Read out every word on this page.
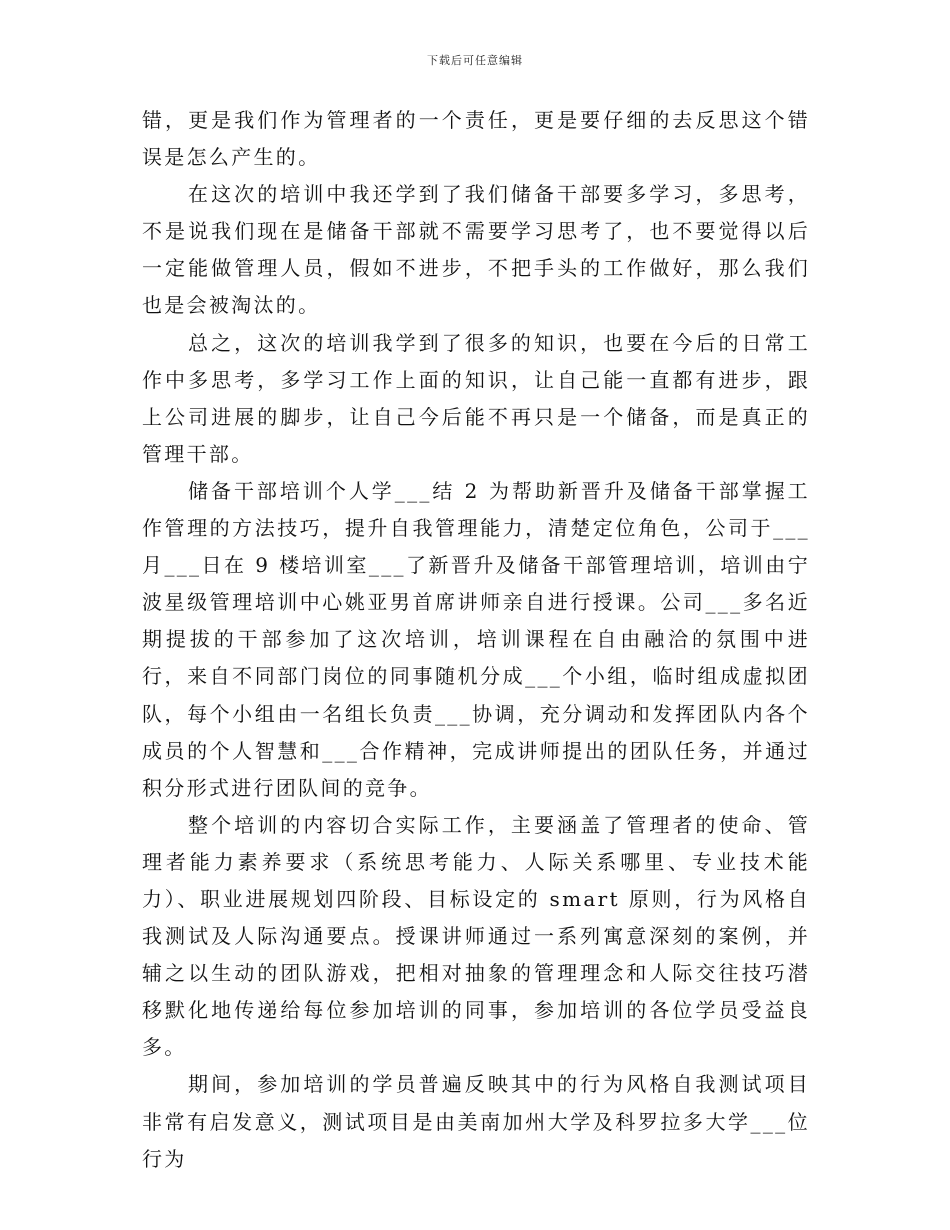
下载后可任意编辑

错，更是我们作为管理者的一个责任，更是要仔细的去反思这个错误是怎么产生的。

在这次的培训中我还学到了我们储备干部要多学习，多思考，不是说我们现在是储备干部就不需要学习思考了，也不要觉得以后一定能做管理人员，假如不进步，不把手头的工作做好，那么我们也是会被淘汰的。

总之，这次的培训我学到了很多的知识，也要在今后的日常工作中多思考，多学习工作上面的知识，让自己能一直都有进步，跟上公司进展的脚步，让自己今后能不再只是一个储备，而是真正的管理干部。

储备干部培训个人学___结 2 为帮助新晋升及储备干部掌握工作管理的方法技巧，提升自我管理能力，清楚定位角色，公司于___月___日在 9 楼培训室___了新晋升及储备干部管理培训，培训由宁波星级管理培训中心姚亚男首席讲师亲自进行授课。公司___多名近期提拔的干部参加了这次培训，培训课程在自由融洽的氛围中进行，来自不同部门岗位的同事随机分成___个小组，临时组成虚拟团队，每个小组由一名组长负责___协调，充分调动和发挥团队内各个成员的个人智慧和___合作精神，完成讲师提出的团队任务，并通过积分形式进行团队间的竞争。

整个培训的内容切合实际工作，主要涵盖了管理者的使命、管理者能力素养要求（系统思考能力、人际关系哪里、专业技术能力）、职业进展规划四阶段、目标设定的 smart 原则，行为风格自我测试及人际沟通要点。授课讲师通过一系列寓意深刻的案例，并辅之以生动的团队游戏，把相对抽象的管理理念和人际交往技巧潜移默化地传递给每位参加培训的同事，参加培训的各位学员受益良多。

期间，参加培训的学员普遍反映其中的行为风格自我测试项目非常有启发意义，测试项目是由美南加州大学及科罗拉多大学___位行为
